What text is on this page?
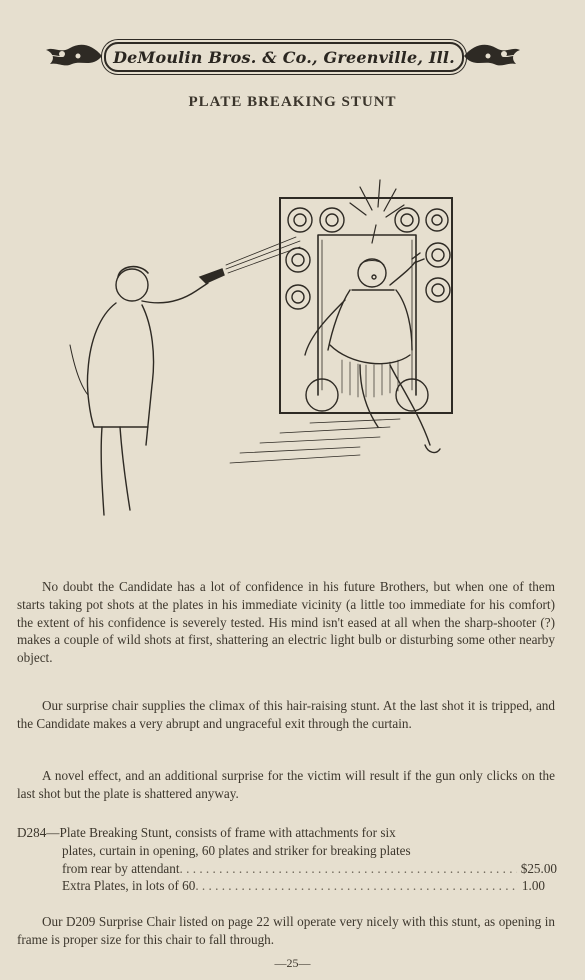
DeMoulin Bros. & Co., Greenville, Ill.
PLATE BREAKING STUNT
No doubt the Candidate has a lot of confidence in his future Brothers, but when one of them starts taking pot shots at the plates in his immediate vicinity (a little too immediate for his comfort) the extent of his confidence is severely tested. His mind isn't eased at all when the sharp-shooter (?) makes a couple of wild shots at first, shattering an electric light bulb or disturbing some other nearby object.
Our surprise chair supplies the climax of this hair-raising stunt. At the last shot it is tripped, and the Candidate makes a very abrupt and ungraceful exit through the curtain.
A novel effect, and an additional surprise for the victim will result if the gun only clicks on the last shot but the plate is shattered anyway.
D284—Plate Breaking Stunt, consists of frame with attachments for six
plates, curtain in opening, 60 plates and striker for breaking plates
from rear by attendant . . .	$25.00
Extra Plates, in lots of 60 . . .	1.00
Our D209 Surprise Chair listed on page 22 will operate very nicely with this stunt, as opening in frame is proper size for this chair to fall through.
—25—
